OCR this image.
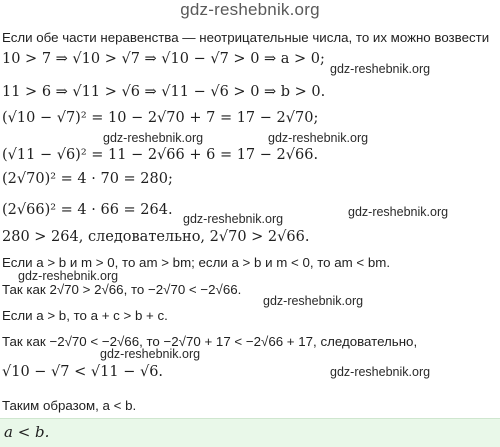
gdz-reshebnik.org
Если обе части неравенства — неотрицательные числа, то их можно возвести
10 > 7 ⇒ √10 > √7 ⇒ √10 − √7 > 0 ⇒ a > 0;
gdz-reshebnik.org
11 > 6 ⇒ √11 > √6 ⇒ √11 − √6 > 0 ⇒ b > 0.
(√10 − √7)² = 10 − 2√70 + 7 = 17 − 2√70;
gdz-reshebnik.org	gdz-reshebnik.org
(√11 − √6)² = 11 − 2√66 + 6 = 17 − 2√66.
(2√70)² = 4 · 70 = 280;
(2√66)² = 4 · 66 = 264.	gdz-reshebnik.org
gdz-reshebnik.org
280 > 264, следовательно, 2√70 > 2√66.
Если a > b и m > 0, то am > bm; если a > b и m < 0, то am < bm.
gdz-reshebnik.org
Так как 2√70 > 2√66, то −2√70 < −2√66.
gdz-reshebnik.org
Если a > b, то a + c > b + c.
Так как −2√70 < −2√66, то −2√70 + 17 < −2√66 + 17, следовательно,
gdz-reshebnik.org
√10 − √7 < √11 − √6.	gdz-reshebnik.org
Таким образом, a < b.
a < b.
